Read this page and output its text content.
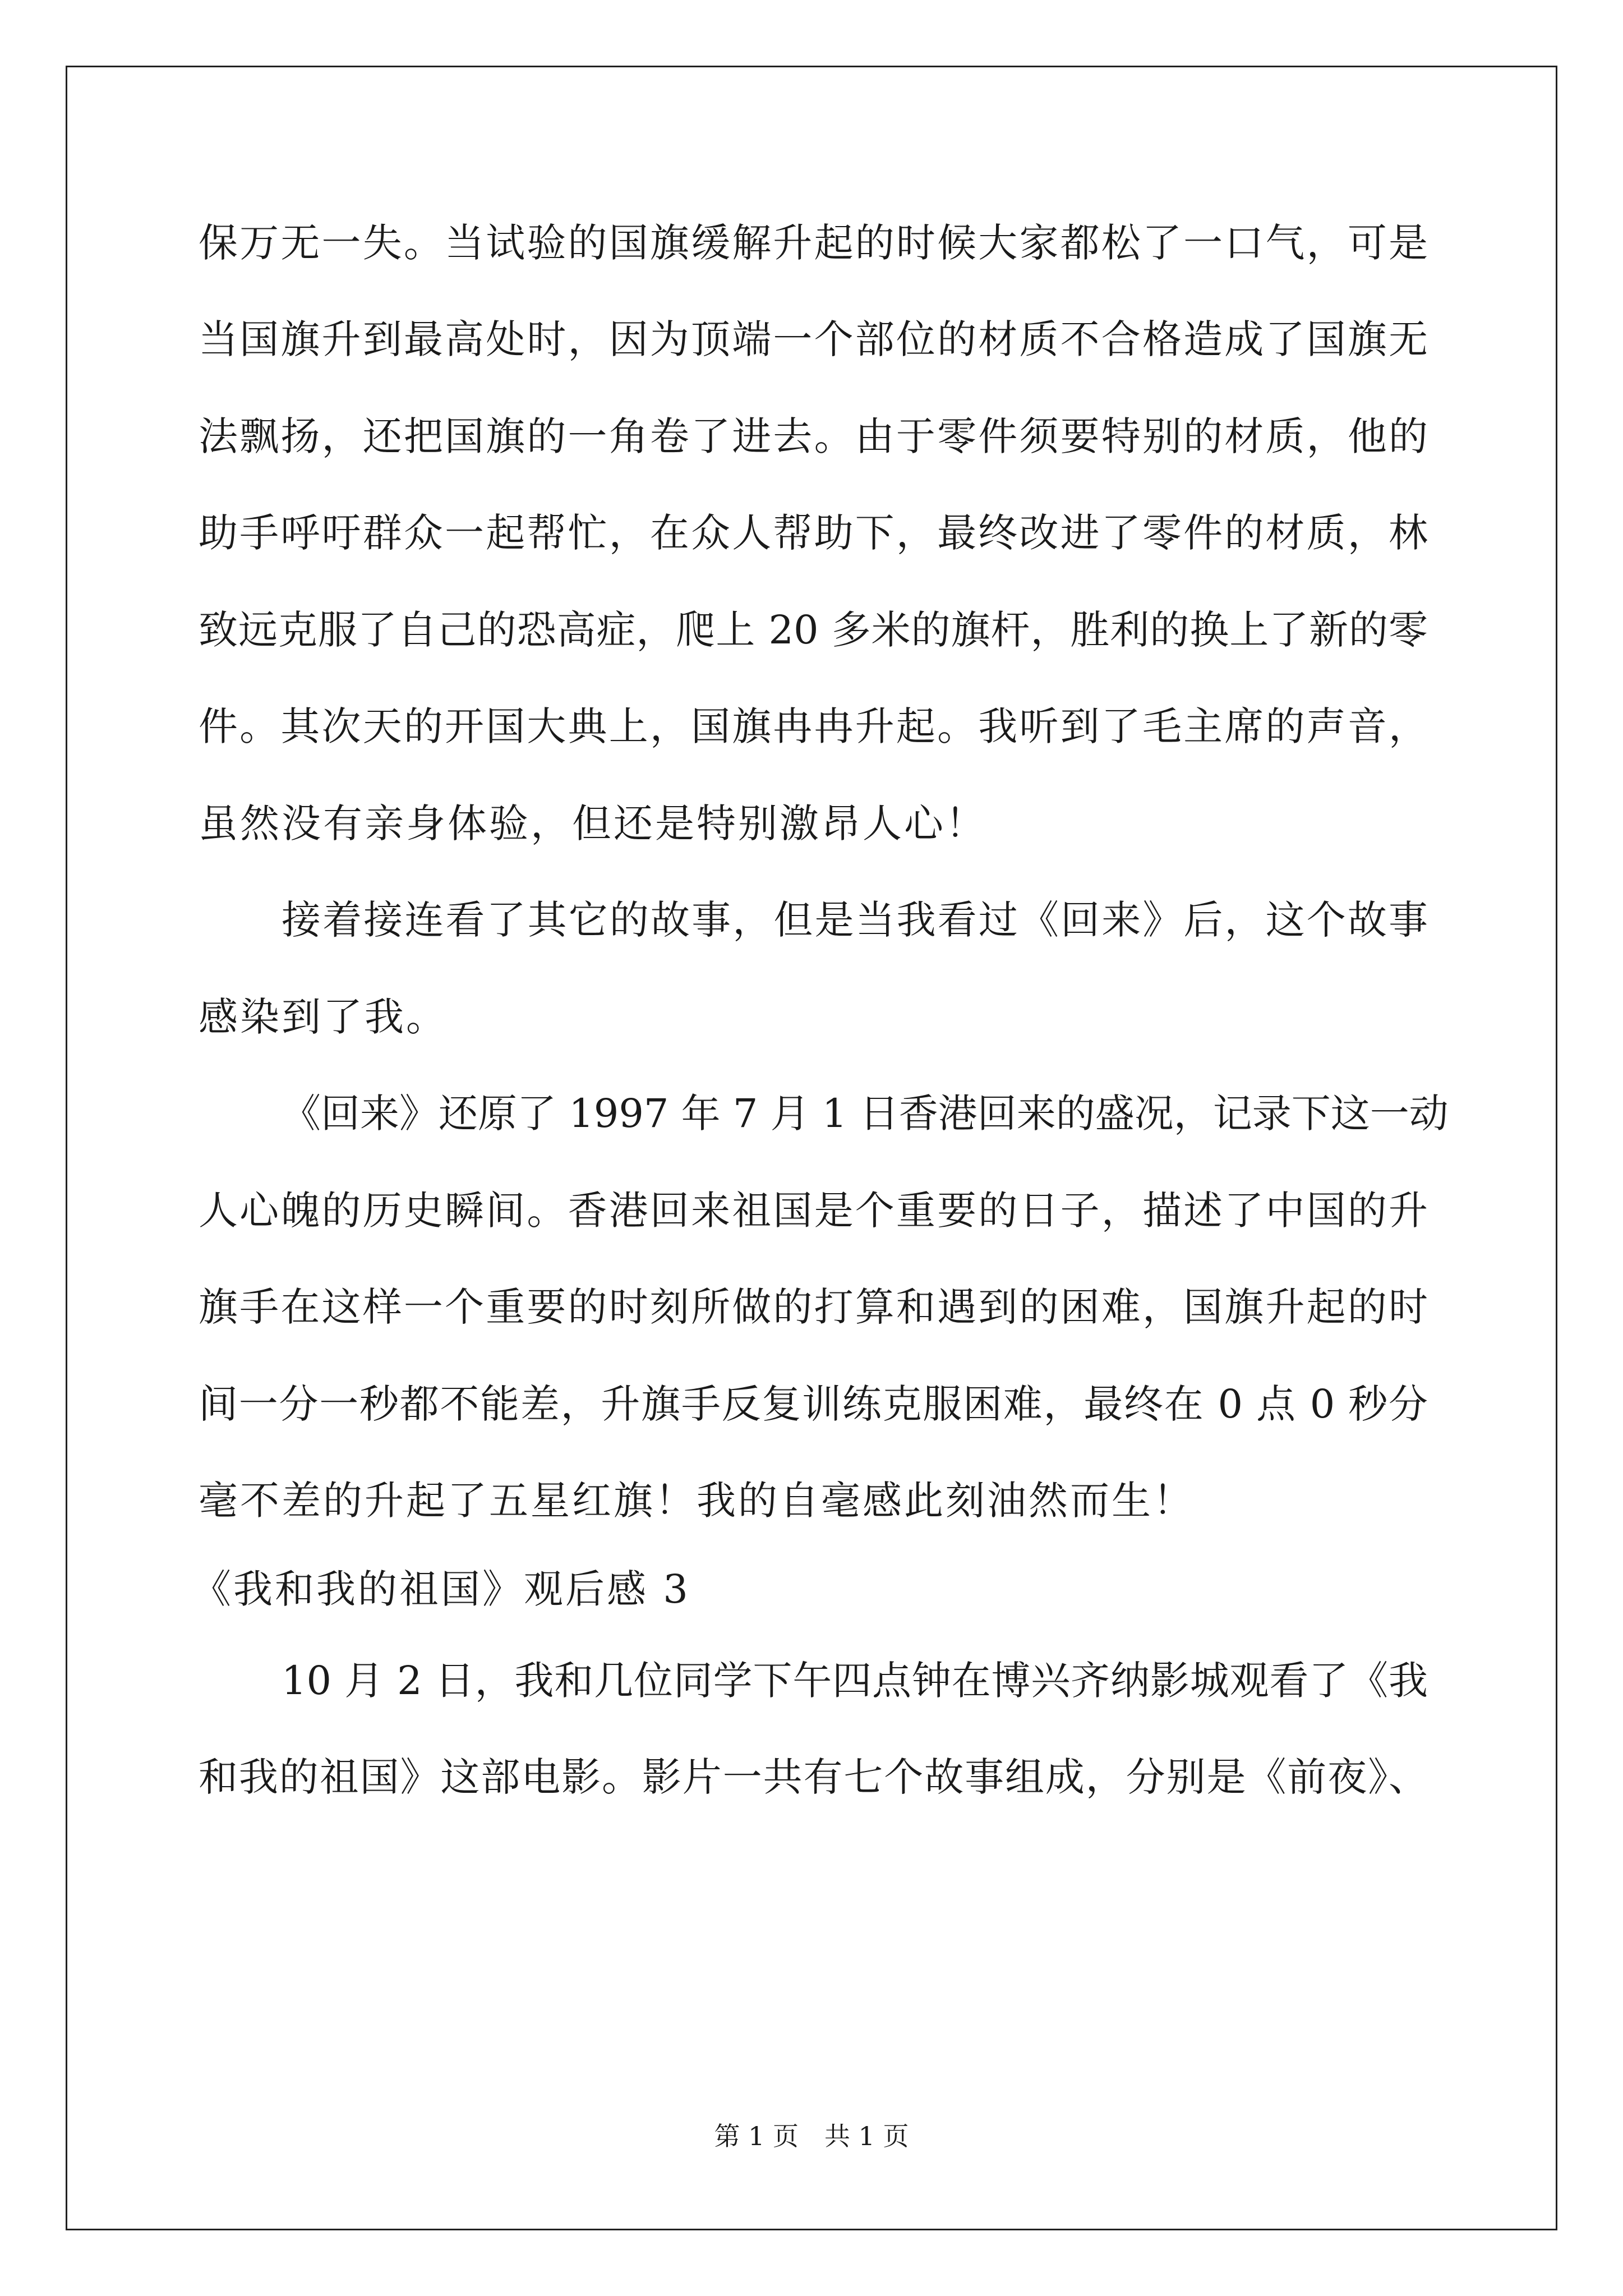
保万无一失。当试验的国旗缓解升起的时候大家都松了一口气，可是
当国旗升到最高处时，因为顶端一个部位的材质不合格造成了国旗无
法飘扬，还把国旗的一角卷了进去。由于零件须要特别的材质，他的
助手呼吁群众一起帮忙，在众人帮助下，最终改进了零件的材质，林
致远克服了自己的恐高症，爬上 20 多米的旗杆，胜利的换上了新的零
件。其次天的开国大典上，国旗冉冉升起。我听到了毛主席的声音，
虽然没有亲身体验，但还是特别激昂人心！
接着接连看了其它的故事，但是当我看过《回来》后，这个故事
感染到了我。
《回来》还原了 1997 年 7 月 1 日香港回来的盛况，记录下这一动
人心魄的历史瞬间。香港回来祖国是个重要的日子，描述了中国的升
旗手在这样一个重要的时刻所做的打算和遇到的困难，国旗升起的时
间一分一秒都不能差，升旗手反复训练克服困难，最终在 0 点 0 秒分
毫不差的升起了五星红旗！我的自毫感此刻油然而生！
《我和我的祖国》观后感 3
10 月 2 日，我和几位同学下午四点钟在博兴齐纳影城观看了《我
和我的祖国》这部电影。影片一共有七个故事组成，分别是《前夜》、
第 1 页　共 1 页
